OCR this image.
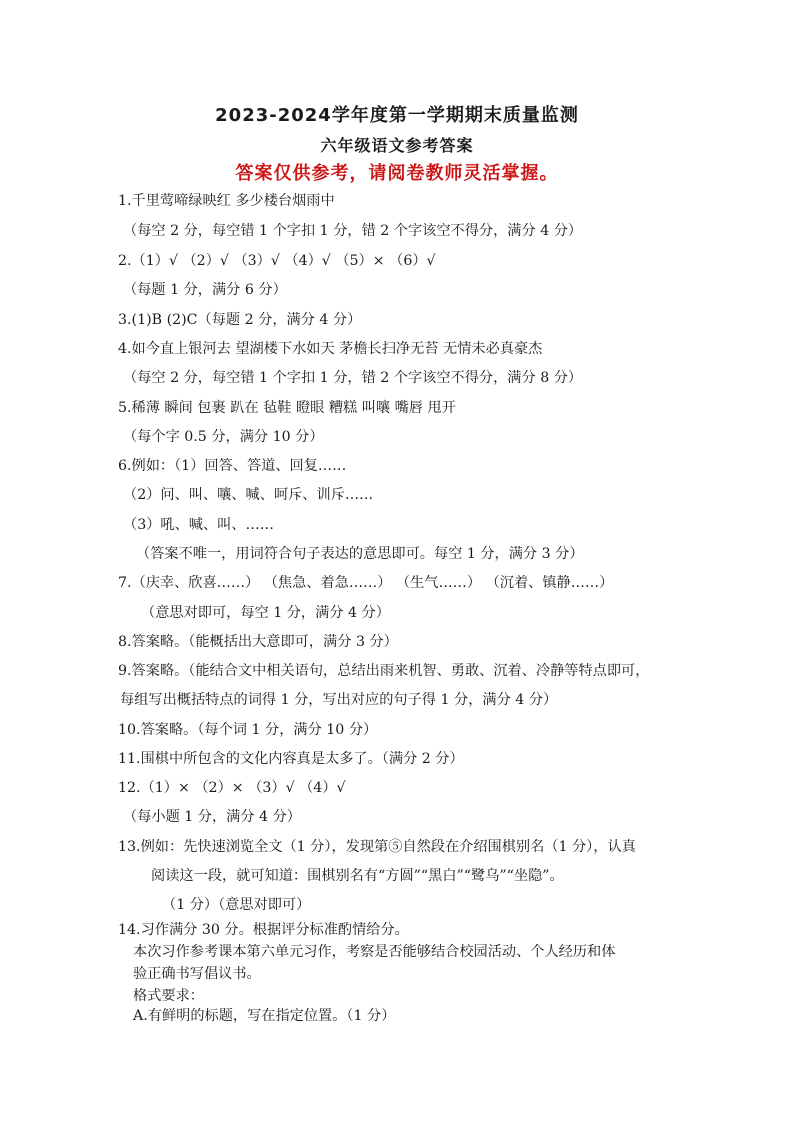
2023-2024学年度第一学期期末质量监测
六年级语文参考答案
答案仅供参考，请阅卷教师灵活掌握。
1.千里莺啼绿映红 多少楼台烟雨中
（每空 2 分，每空错 1 个字扣 1 分，错 2 个字该空不得分，满分 4 分）
2.（1）√ （2）√ （3）√ （4）√ （5）× （6）√
（每题 1 分，满分 6 分）
3.(1)B (2)C（每题 2 分，满分 4 分）
4.如今直上银河去 望湖楼下水如天 茅檐长扫净无苔 无情未必真豪杰
（每空 2 分，每空错 1 个字扣 1 分，错 2 个字该空不得分，满分 8 分）
5.稀薄 瞬间 包裹 趴在 毡鞋 瞪眼 糟糕 叫嚷 嘴唇 甩开
（每个字 0.5 分，满分 10 分）
6.例如：（1）回答、答道、回复……
（2）问、叫、嚷、喊、呵斥、训斥……
（3）吼、喊、叫、……
（答案不唯一，用词符合句子表达的意思即可。每空 1 分，满分 3 分）
7.（庆幸、欣喜……） （焦急、着急……） （生气……） （沉着、镇静……）
（意思对即可，每空 1 分，满分 4 分）
8.答案略。（能概括出大意即可，满分 3 分）
9.答案略。（能结合文中相关语句，总结出雨来机智、勇敢、沉着、冷静等特点即可，
每组写出概括特点的词得 1 分，写出对应的句子得 1 分，满分 4 分）
10.答案略。（每个词 1 分，满分 10 分）
11.围棋中所包含的文化内容真是太多了。（满分 2 分）
12.（1）× （2）× （3）√ （4）√
（每小题 1 分，满分 4 分）
13.例如：先快速浏览全文（1 分），发现第⑤自然段在介绍围棋别名（1 分），认真
阅读这一段，就可知道：围棋别名有“方圆”“黑白”“鹭乌”“坐隐”。
（1 分）（意思对即可）
14.习作满分 30 分。根据评分标准酌情给分。
本次习作参考课本第六单元习作，考察是否能够结合校园活动、个人经历和体
验正确书写倡议书。
格式要求：
A.有鲜明的标题，写在指定位置。（1 分）
